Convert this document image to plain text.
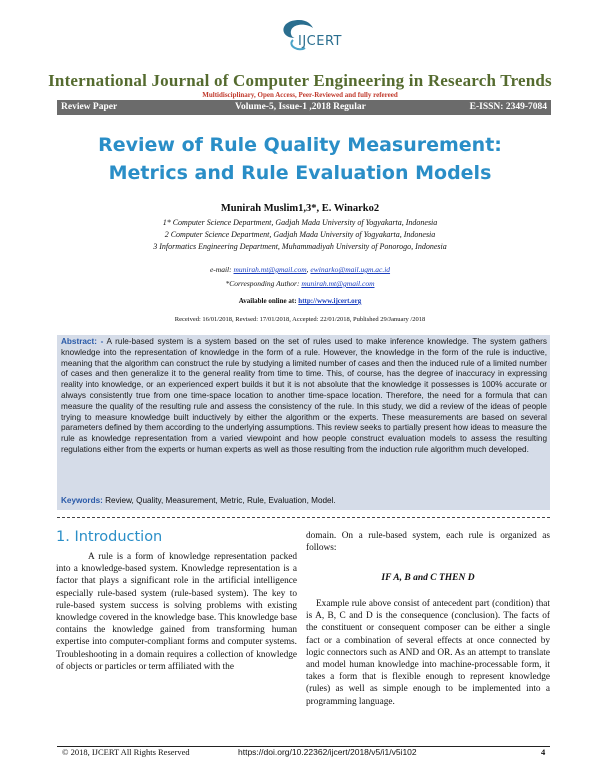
IJCERT
International Journal of Computer Engineering in Research Trends
Multidisciplinary, Open Access, Peer-Reviewed and fully refereed
Review Paper	Volume-5, Issue-1 ,2018 Regular	E-ISSN: 2349-7084
Review of Rule Quality Measurement:
Metrics and Rule Evaluation Models
Munirah Muslim1,3*, E. Winarko2
1* Computer Science Department, Gadjah Mada University of Yogyakarta, Indonesia
2 Computer Science Department, Gadjah Mada University of Yogyakarta, Indonesia
3 Informatics Engineering Department, Muhammadiyah University of Ponorogo, Indonesia
e-mail: munirah.mt@gmail.com, ewinarko@mail.ugm.ac.id
*Corresponding Author: munirah.mt@gmail.com
Available online at: http://www.ijcert.org
Received: 16/01/2018, Revised: 17/01/2018, Accepted: 22/01/2018, Published 29/January /2018
Abstract: - A rule-based system is a system based on the set of rules used to make inference knowledge. The system gathers knowledge into the representation of knowledge in the form of a rule. However, the knowledge in the form of the rule is inductive, meaning that the algorithm can construct the rule by studying a limited number of cases and then the induced rule of a limited number of cases and then generalize it to the general reality from time to time. This, of course, has the degree of inaccuracy in expressing reality into knowledge, or an experienced expert builds it but it is not absolute that the knowledge it possesses is 100% accurate or always consistently true from one time-space location to another time-space location. Therefore, the need for a formula that can measure the quality of the resulting rule and assess the consistency of the rule. In this study, we did a review of the ideas of people trying to measure knowledge built inductively by either the algorithm or the experts. These measurements are based on several parameters defined by them according to the underlying assumptions. This review seeks to partially present how ideas to measure the rule as knowledge representation from a varied viewpoint and how people construct evaluation models to assess the resulting regulations either from the experts or human experts as well as those resulting from the induction rule algorithm much developed.
Keywords: Review, Quality, Measurement, Metric, Rule, Evaluation, Model.
1. Introduction
A rule is a form of knowledge representation packed into a knowledge-based system. Knowledge representation is a factor that plays a significant role in the artificial intelligence especially rule-based system (rule-based system). The key to rule-based system success is solving problems with existing knowledge covered in the knowledge base. This knowledge base contains the knowledge gained from transforming human expertise into computer-compliant forms and computer systems. Troubleshooting in a domain requires a collection of knowledge of objects or particles or term affiliated with the
domain. On a rule-based system, each rule is organized as follows:
IF A, B and C THEN D
Example rule above consist of antecedent part (condition) that is A, B, C and D is the consequence (conclusion). The facts of the constituent or consequent composer can be either a single fact or a combination of several effects at once connected by logic connectors such as AND and OR. As an attempt to translate and model human knowledge into machine-processable form, it takes a form that is flexible enough to represent knowledge (rules) as well as simple enough to be implemented into a programming language.
© 2018, IJCERT All Rights Reserved	https://doi.org/10.22362/ijcert/2018/v5/i1/v5i102	4
